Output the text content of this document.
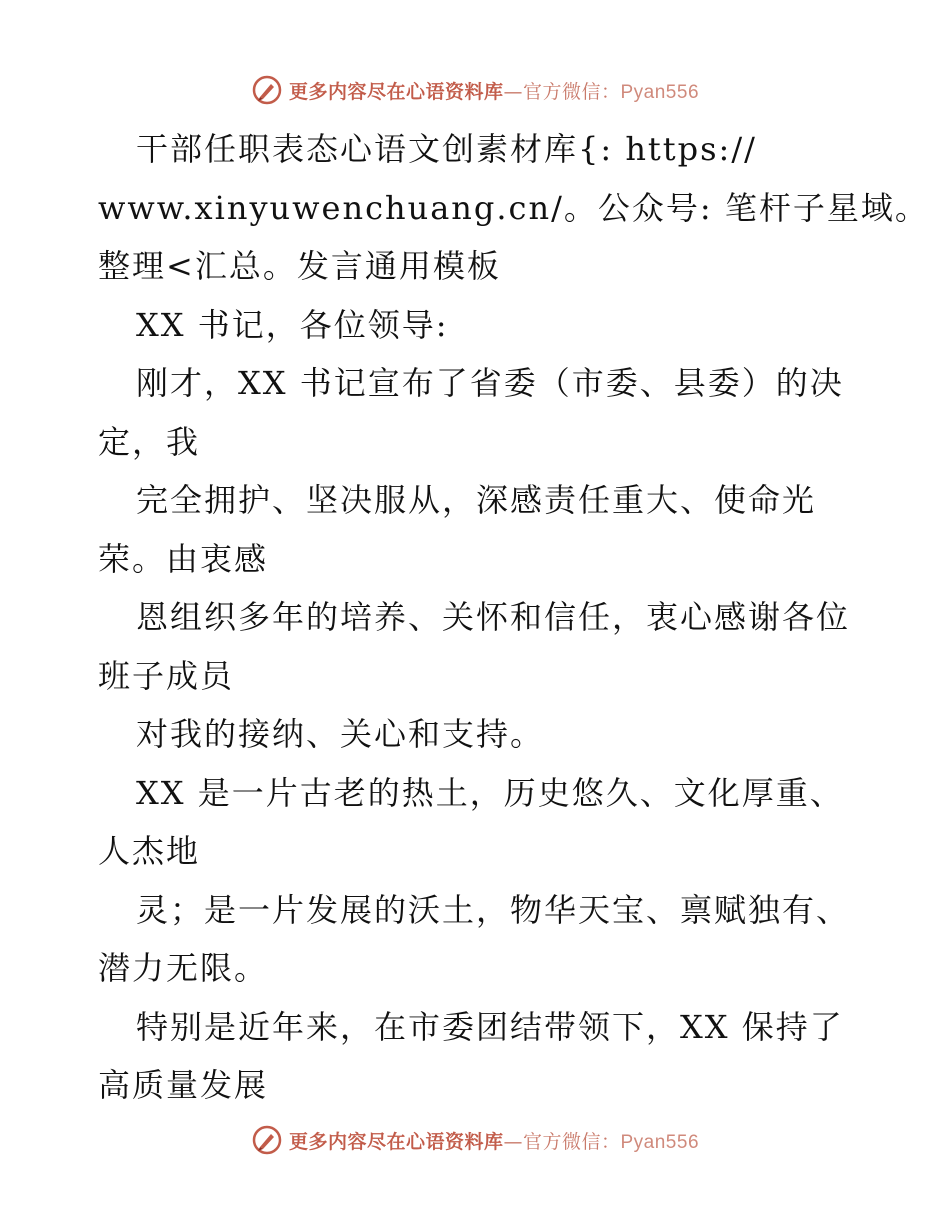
更多内容尽在心语资料库—官方微信：Pyan556
干部任职表态心语文创素材库{: https://
www.xinyuwenchuang.cn/。公众号: 笔杆子星域。
整理<汇总。发言通用模板
XX 书记，各位领导:
刚才，XX 书记宣布了省委（市委、县委）的决
定，我
完全拥护、坚决服从，深感责任重大、使命光
荣。由衷感
恩组织多年的培养、关怀和信任，衷心感谢各位
班子成员
对我的接纳、关心和支持。
XX 是一片古老的热土，历史悠久、文化厚重、
人杰地
灵；是一片发展的沃土，物华天宝、禀赋独有、
潜力无限。
特别是近年来，在市委团结带领下，XX 保持了
高质量发展
更多内容尽在心语资料库—官方微信：Pyan556
